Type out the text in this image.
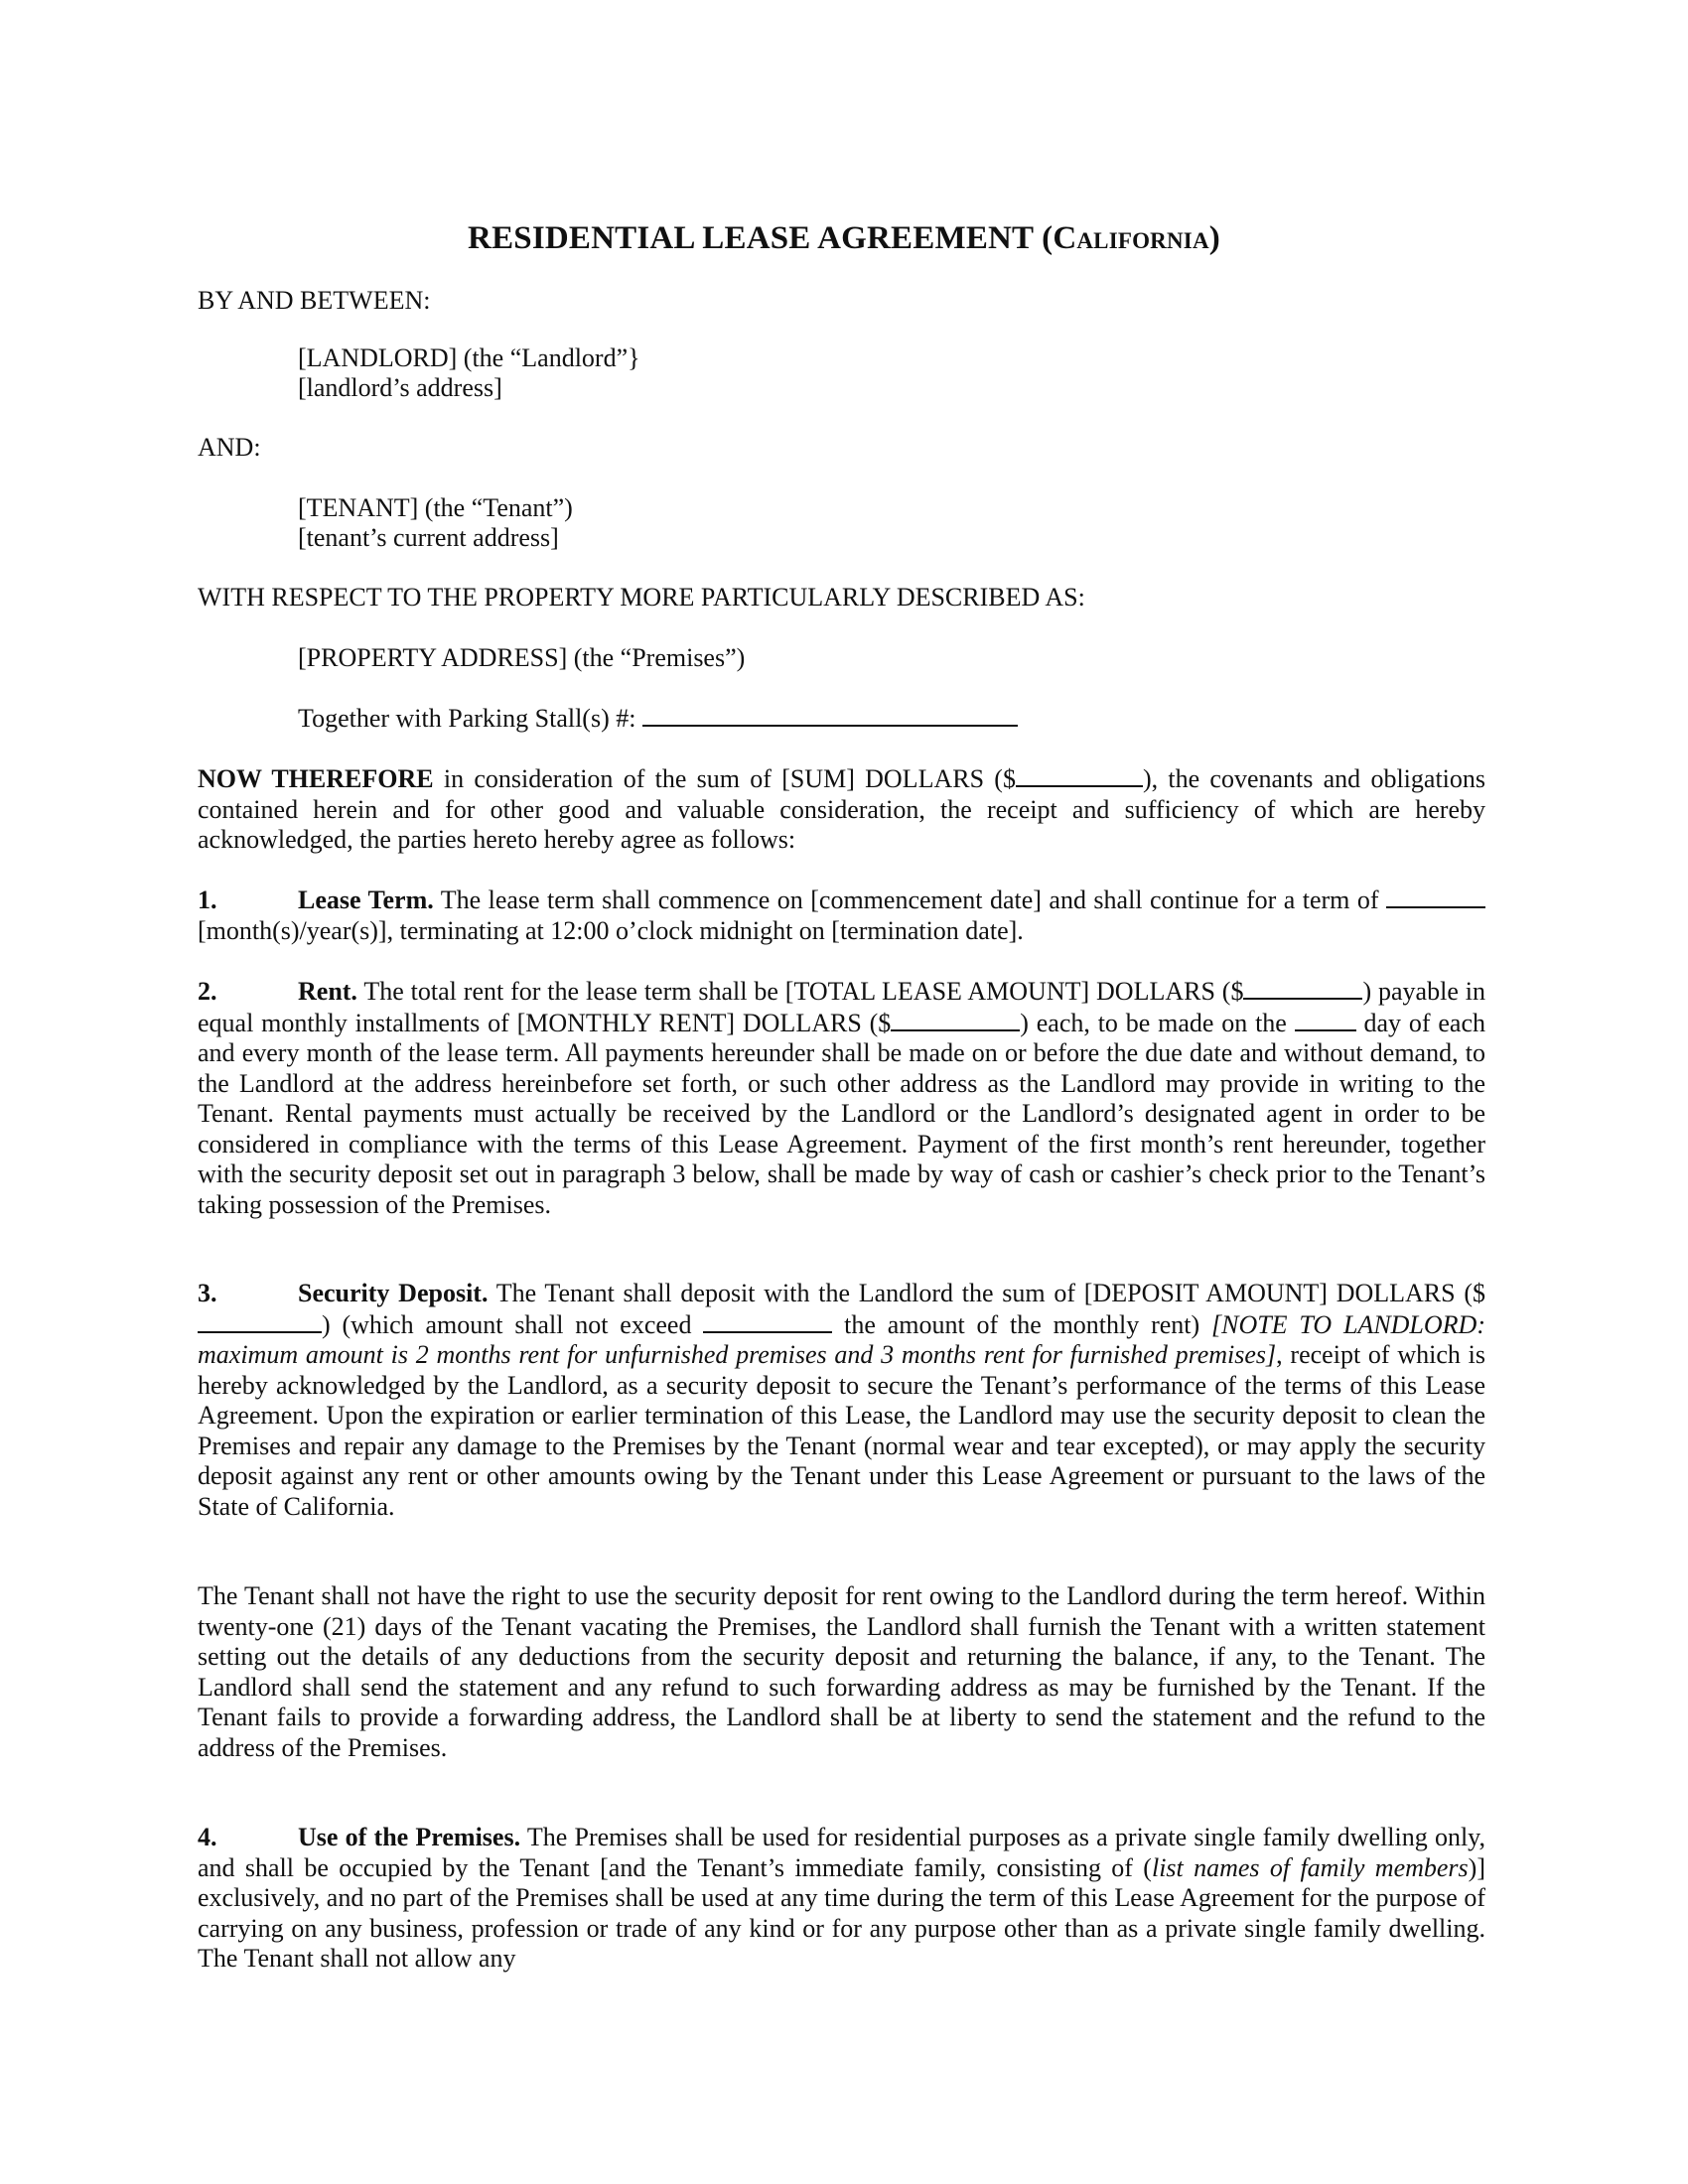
RESIDENTIAL LEASE AGREEMENT (California)
BY AND BETWEEN:
[LANDLORD] (the “Landlord”}
[landlord’s address]
AND:
[TENANT] (the “Tenant”)
[tenant’s current address]
WITH RESPECT TO THE PROPERTY MORE PARTICULARLY DESCRIBED AS:
[PROPERTY ADDRESS] (the “Premises”)
Together with Parking Stall(s) #:
NOW THEREFORE in consideration of the sum of [SUM] DOLLARS ($	), the covenants and obligations contained herein and for other good and valuable consideration, the receipt and sufficiency of which are hereby acknowledged, the parties hereto hereby agree as follows:
1.	Lease Term. The lease term shall commence on [commencement date] and shall continue for a term of  [month(s)/year(s)], terminating at 12:00 o’clock midnight on [termination date].
2.	Rent. The total rent for the lease term shall be [TOTAL LEASE AMOUNT] DOLLARS ($	) payable in equal monthly installments of [MONTHLY RENT] DOLLARS ($	) each, to be made on the  day of each and every month of the lease term. All payments hereunder shall be made on or before the due date and without demand, to the Landlord at the address hereinbefore set forth, or such other address as the Landlord may provide in writing to the Tenant. Rental payments must actually be received by the Landlord or the Landlord’s designated agent in order to be considered in compliance with the terms of this Lease Agreement. Payment of the first month’s rent hereunder, together with the security deposit set out in paragraph 3 below, shall be made by way of cash or cashier’s check prior to the Tenant’s taking possession of the Premises.
3.	Security Deposit. The Tenant shall deposit with the Landlord the sum of [DEPOSIT AMOUNT] DOLLARS ($) (which amount shall not exceed	the amount of the monthly rent) [NOTE TO LANDLORD: maximum amount is 2 months rent for unfurnished premises and 3 months rent for furnished premises], receipt of which is hereby acknowledged by the Landlord, as a security deposit to secure the Tenant’s performance of the terms of this Lease Agreement. Upon the expiration or earlier termination of this Lease, the Landlord may use the security deposit to clean the Premises and repair any damage to the Premises by the Tenant (normal wear and tear excepted), or may apply the security deposit against any rent or other amounts owing by the Tenant under this Lease Agreement or pursuant to the laws of the State of California.
The Tenant shall not have the right to use the security deposit for rent owing to the Landlord during the term hereof. Within twenty-one (21) days of the Tenant vacating the Premises, the Landlord shall furnish the Tenant with a written statement setting out the details of any deductions from the security deposit and returning the balance, if any, to the Tenant. The Landlord shall send the statement and any refund to such forwarding address as may be furnished by the Tenant. If the Tenant fails to provide a forwarding address, the Landlord shall be at liberty to send the statement and the refund to the address of the Premises.
4.	Use of the Premises. The Premises shall be used for residential purposes as a private single family dwelling only, and shall be occupied by the Tenant [and the Tenant’s immediate family, consisting of (list names of family members)] exclusively, and no part of the Premises shall be used at any time during the term of this Lease Agreement for the purpose of carrying on any business, profession or trade of any kind or for any purpose other than as a private single family dwelling. The Tenant shall not allow any
